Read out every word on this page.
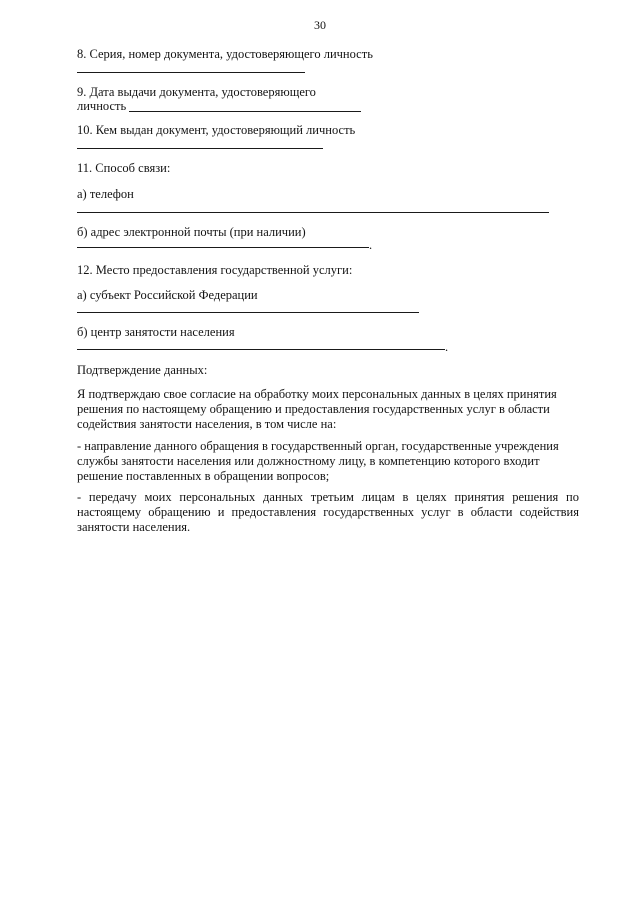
30
8. Серия, номер документа, удостоверяющего личность
9. Дата выдачи документа, удостоверяющего
личность
10. Кем выдан документ, удостоверяющий личность
11. Способ связи:
а) телефон
б) адрес электронной почты (при наличии)
.
12. Место предоставления государственной услуги:
а) субъект Российской Федерации
б) центр занятости населения
.
Подтверждение данных:
Я подтверждаю свое согласие на обработку моих персональных данных в целях принятия
решения по настоящему обращению и предоставления государственных услуг в области
содействия занятости населения, в том числе на:
- направление данного обращения в государственный орган, государственные учреждения
службы занятости населения или должностному лицу, в компетенцию которого входит
решение поставленных в обращении вопросов;
- передачу моих персональных данных третьим лицам в целях принятия решения по настоящему обращению и предоставления государственных услуг в области содействия занятости населения.
